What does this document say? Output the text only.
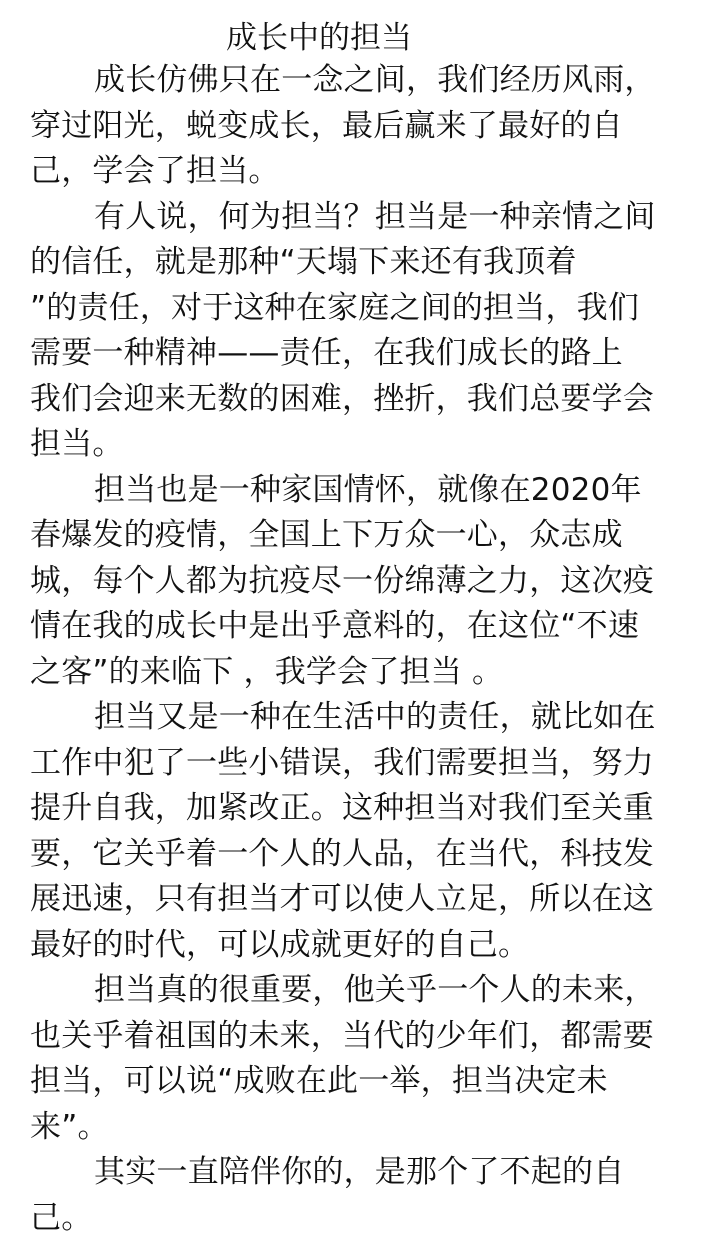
成长中的担当
成长仿佛只在一念之间，我们经历风雨，
穿过阳光，蜕变成长，最后赢来了最好的自
己，学会了担当。
有人说，何为担当？担当是一种亲情之间
的信任，就是那种“天塌下来还有我顶着
”的责任，对于这种在家庭之间的担当，我们
需要一种精神——责任，在我们成长的路上
我们会迎来无数的困难，挫折，我们总要学会
担当。
担当也是一种家国情怀，就像在2020年
春爆发的疫情，全国上下万众一心，众志成
城，每个人都为抗疫尽一份绵薄之力，这次疫
情在我的成长中是出乎意料的，在这位“不速
之客”的来临下 ，我学会了担当 。
担当又是一种在生活中的责任，就比如在
工作中犯了一些小错误，我们需要担当，努力
提升自我，加紧改正。这种担当对我们至关重
要，它关乎着一个人的人品，在当代，科技发
展迅速，只有担当才可以使人立足，所以在这
最好的时代，可以成就更好的自己。
担当真的很重要，他关乎一个人的未来，
也关乎着祖国的未来，当代的少年们，都需要
担当，可以说“成败在此一举，担当决定未
来”。
其实一直陪伴你的，是那个了不起的自
己。
